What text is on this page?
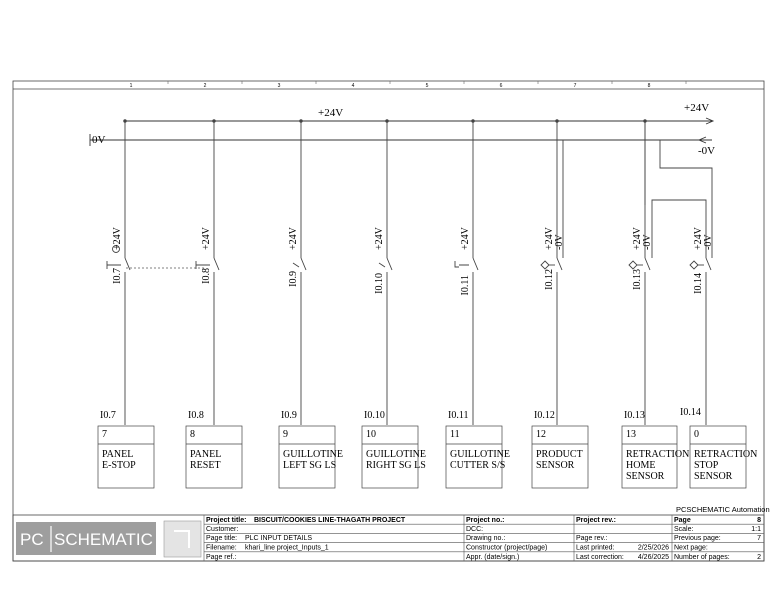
1	2	3	4	5	6	7	8
+24V	+24V
0V
-0V
+24V
I0.7
I0.7
7
PANEL
E-STOP
+24V
I0.8
I0.8
8
PANEL
RESET
+24V
I0.9
I0.9
9
GUILLOTINE
LEFT SG LS
+24V
I0.10
I0.10
10
GUILLOTINE
RIGHT SG LS
+24V
I0.11
I0.11
11
GUILLOTINE
CUTTER S/S
+24V -0V
I0.12
I0.12
12
PRODUCT
SENSOR
+24V -0V
I0.13
I0.13
13
RETRACTION
HOME
SENSOR
+24V -0V
I0.14
I0.14
0
RETRACTION
STOP
SENSOR
PCSCHEMATIC Automation
PC SCHEMATIC
Project title: BISCUIT/COOKIES LINE-THAGATH PROJECT
Customer:
Page title: PLC INPUT DETAILS
Filename: khari_line project_Inputs_1
Page ref.:
Project no.:
DCC:
Drawing no.:
Constructor (project/page)
Appr. (date/sign.)
Project rev.:
Page rev.:
Last printed:	2/25/2026
Last correction: 4/26/2025
Page	8
Scale:	1:1
Previous page:	7
Next page:
Number of pages:	2
